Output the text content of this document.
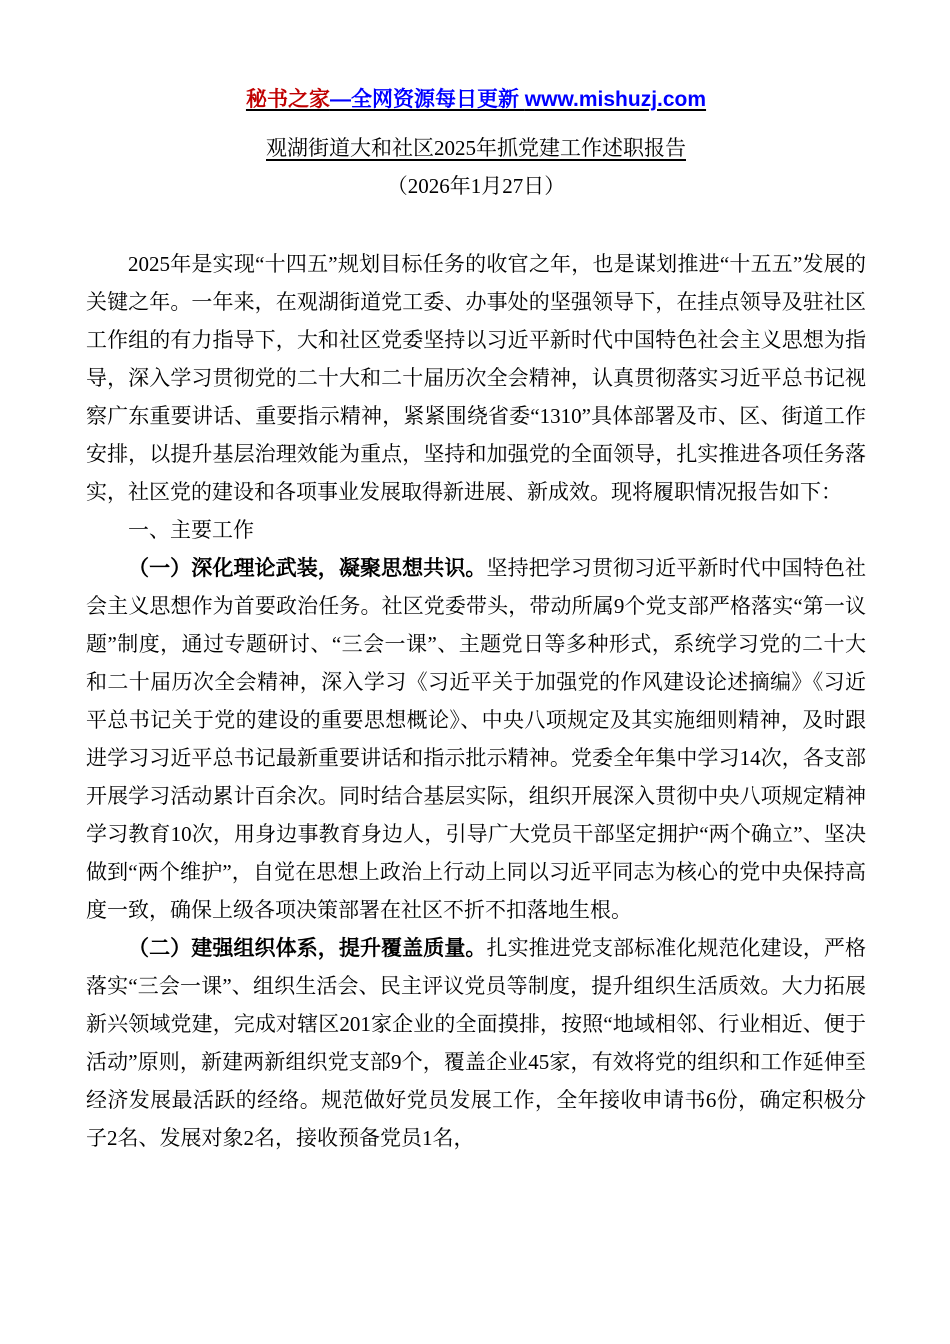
秘书之家—全网资源每日更新 www.mishuzj.com
观湖街道大和社区2025年抓党建工作述职报告
（2026年1月27日）

2025年是实现“十四五”规划目标任务的收官之年，也是谋划推进“十五五”发展的关键之年。一年来，在观湖街道党工委、办事处的坚强领导下，在挂点领导及驻社区工作组的有力指导下，大和社区党委坚持以习近平新时代中国特色社会主义思想为指导，深入学习贯彻党的二十大和二十届历次全会精神，认真贯彻落实习近平总书记视察广东重要讲话、重要指示精神，紧紧围绕省委“1310”具体部署及市、区、街道工作安排，以提升基层治理效能为重点，坚持和加强党的全面领导，扎实推进各项任务落实，社区党的建设和各项事业发展取得新进展、新成效。现将履职情况报告如下：

一、主要工作

（一）深化理论武装，凝聚思想共识。坚持把学习贯彻习近平新时代中国特色社会主义思想作为首要政治任务。社区党委带头，带动所属9个党支部严格落实“第一议题”制度，通过专题研讨、“三会一课”、主题党日等多种形式，系统学习党的二十大和二十届历次全会精神，深入学习《习近平关于加强党的作风建设论述摘编》《习近平总书记关于党的建设的重要思想概论》、中央八项规定及其实施细则精神，及时跟进学习习近平总书记最新重要讲话和指示批示精神。党委全年集中学习14次，各支部开展学习活动累计百余次。同时结合基层实际，组织开展深入贯彻中央八项规定精神学习教育10次，用身边事教育身边人，引导广大党员干部坚定拥护“两个确立”、坚决做到“两个维护”，自觉在思想上政治上行动上同以习近平同志为核心的党中央保持高度一致，确保上级各项决策部署在社区不折不扣落地生根。

（二）建强组织体系，提升覆盖质量。扎实推进党支部标准化规范化建设，严格落实“三会一课”、组织生活会、民主评议党员等制度，提升组织生活质效。大力拓展新兴领域党建，完成对辖区201家企业的全面摸排，按照“地域相邻、行业相近、便于活动”原则，新建两新组织党支部9个，覆盖企业45家，有效将党的组织和工作延伸至经济发展最活跃的经络。规范做好党员发展工作，全年接收申请书6份，确定积极分子2名、发展对象2名，接收预备党员1名，
